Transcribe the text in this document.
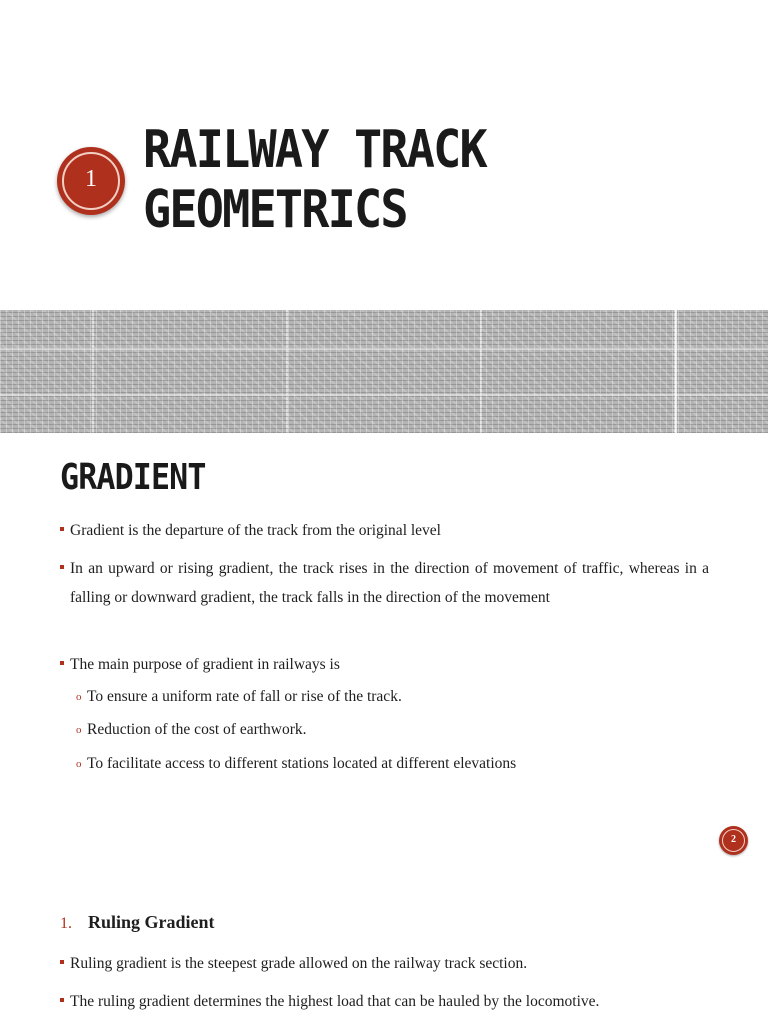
1 RAILWAY TRACK
GEOMETRICS
GRADIENT
Gradient is the departure of the track from the original level
In an upward or rising gradient, the track rises in the direction of movement of traffic, whereas in a falling or downward gradient, the track falls in the direction of the movement
The main purpose of gradient in railways is
o To ensure a uniform rate of fall or rise of the track.
o Reduction of the cost of earthwork.
o To facilitate access to different stations located at different elevations
2
1. Ruling Gradient
Ruling gradient is the steepest grade allowed on the railway track section.
The ruling gradient determines the highest load that can be hauled by the locomotive.
